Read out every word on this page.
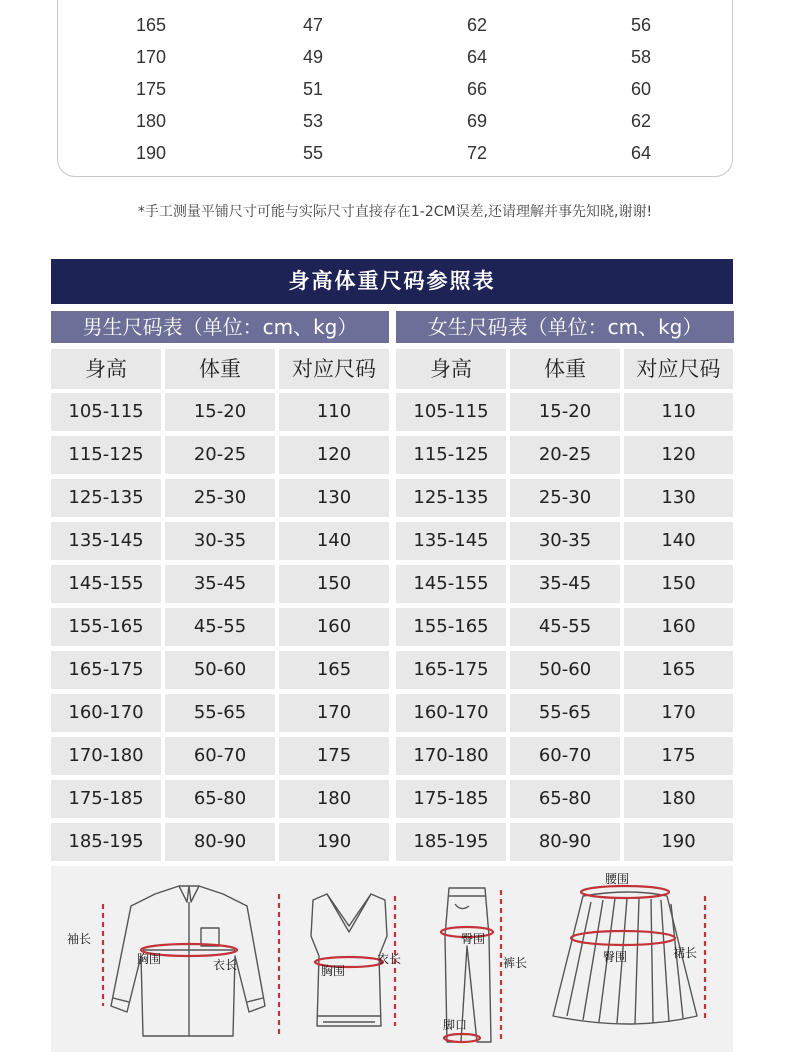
165	47	62	56
170	49	64	58
175	51	66	60
180	53	69	62
190	55	72	64
*手工测量平铺尺寸可能与实际尺寸直接存在1-2CM误差,还请理解并事先知晓,谢谢!
身高体重尺码参照表
男生尺码表（单位：cm、kg）	女生尺码表（单位：cm、kg）
身高	体重	对应尺码
105-115	15-20	110
115-125	20-25	120
125-135	25-30	130
135-145	30-35	140
145-155	35-45	150
155-165	45-55	160
165-175	50-60	165
160-170	55-65	170
170-180	60-70	175
175-185	65-80	180
185-195	80-90	190
身高	体重	对应尺码
105-115	15-20	110
115-125	20-25	120
125-135	25-30	130
135-145	30-35	140
145-155	35-45	150
155-165	45-55	160
165-175	50-60	165
160-170	55-65	170
170-180	60-70	175
175-185	65-80	180
185-195	80-90	190
袖长
胸围	衣长	胸围
衣长
臀围
裤长
脚口
腰围
臀围	裙长
